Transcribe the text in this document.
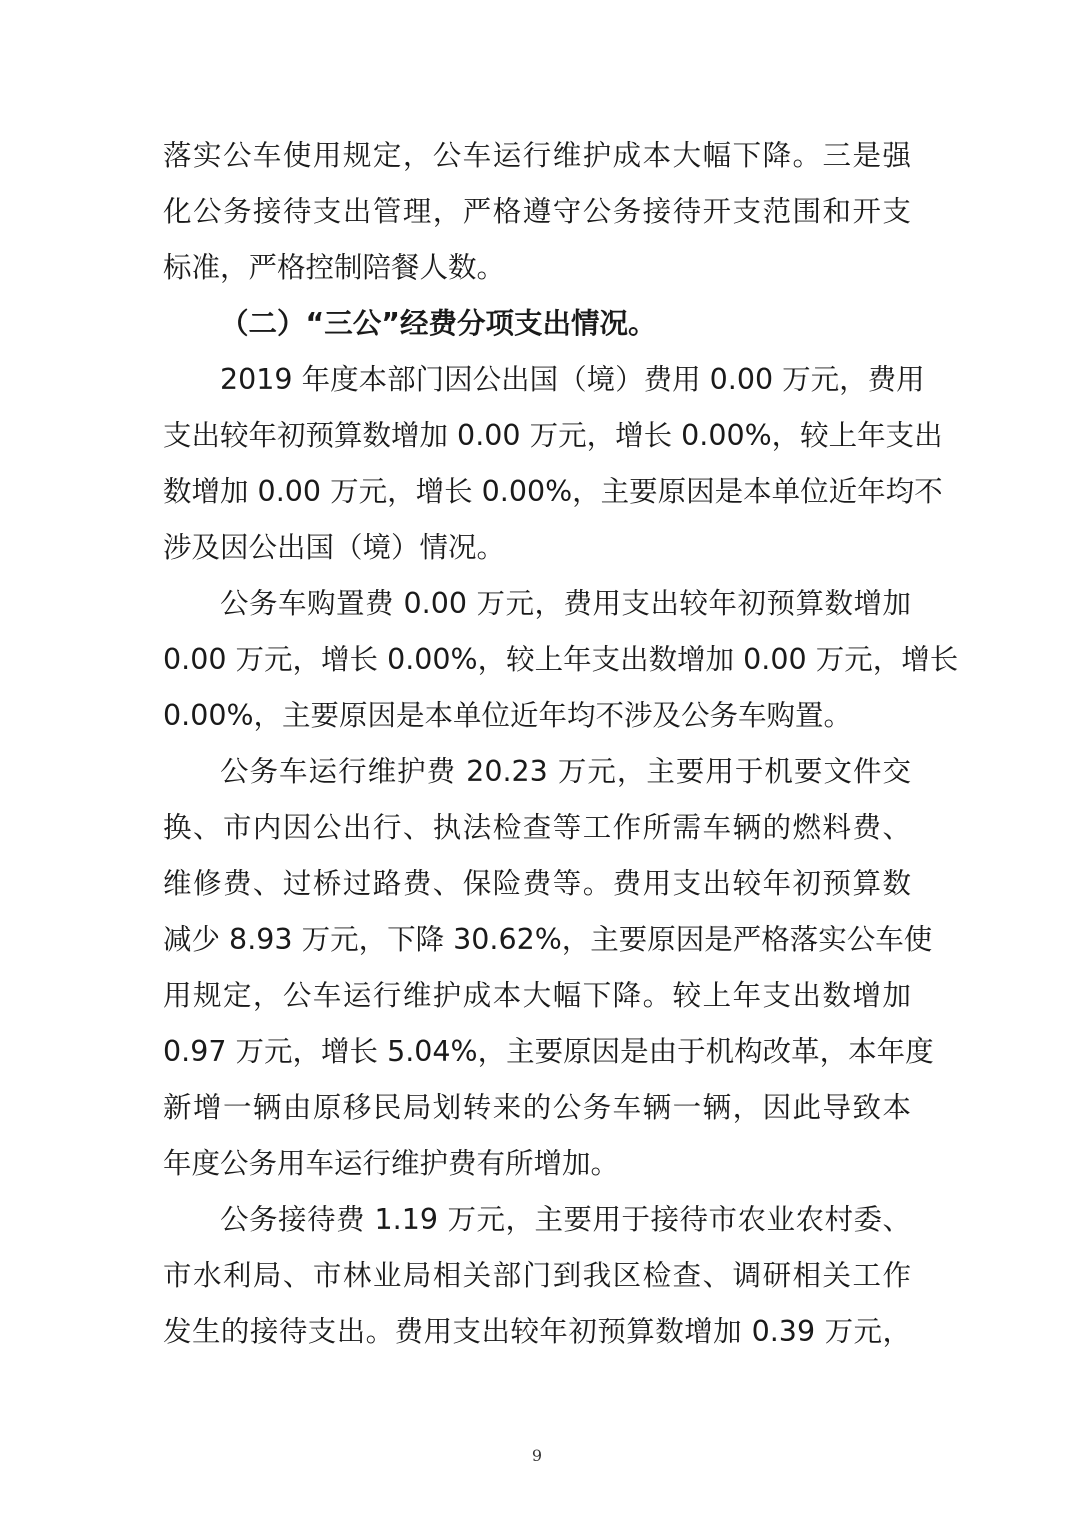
落实公车使用规定，公车运行维护成本大幅下降。三是强
化公务接待支出管理，严格遵守公务接待开支范围和开支
标准，严格控制陪餐人数。
（二）“三公”经费分项支出情况。
2019 年度本部门因公出国（境）费用 0.00 万元，费用
支出较年初预算数增加 0.00 万元，增长 0.00%，较上年支出
数增加 0.00 万元，增长 0.00%，主要原因是本单位近年均不
涉及因公出国（境）情况。
公务车购置费 0.00 万元，费用支出较年初预算数增加
0.00 万元，增长 0.00%，较上年支出数增加 0.00 万元，增长
0.00%，主要原因是本单位近年均不涉及公务车购置。
公务车运行维护费 20.23 万元，主要用于机要文件交
换、市内因公出行、执法检查等工作所需车辆的燃料费、
维修费、过桥过路费、保险费等。费用支出较年初预算数
减少 8.93 万元，下降 30.62%，主要原因是严格落实公车使
用规定，公车运行维护成本大幅下降。较上年支出数增加
0.97 万元，增长 5.04%，主要原因是由于机构改革，本年度
新增一辆由原移民局划转来的公务车辆一辆，因此导致本
年度公务用车运行维护费有所增加。
公务接待费 1.19 万元，主要用于接待市农业农村委、
市水利局、市林业局相关部门到我区检查、调研相关工作
发生的接待支出。费用支出较年初预算数增加 0.39 万元，
9
